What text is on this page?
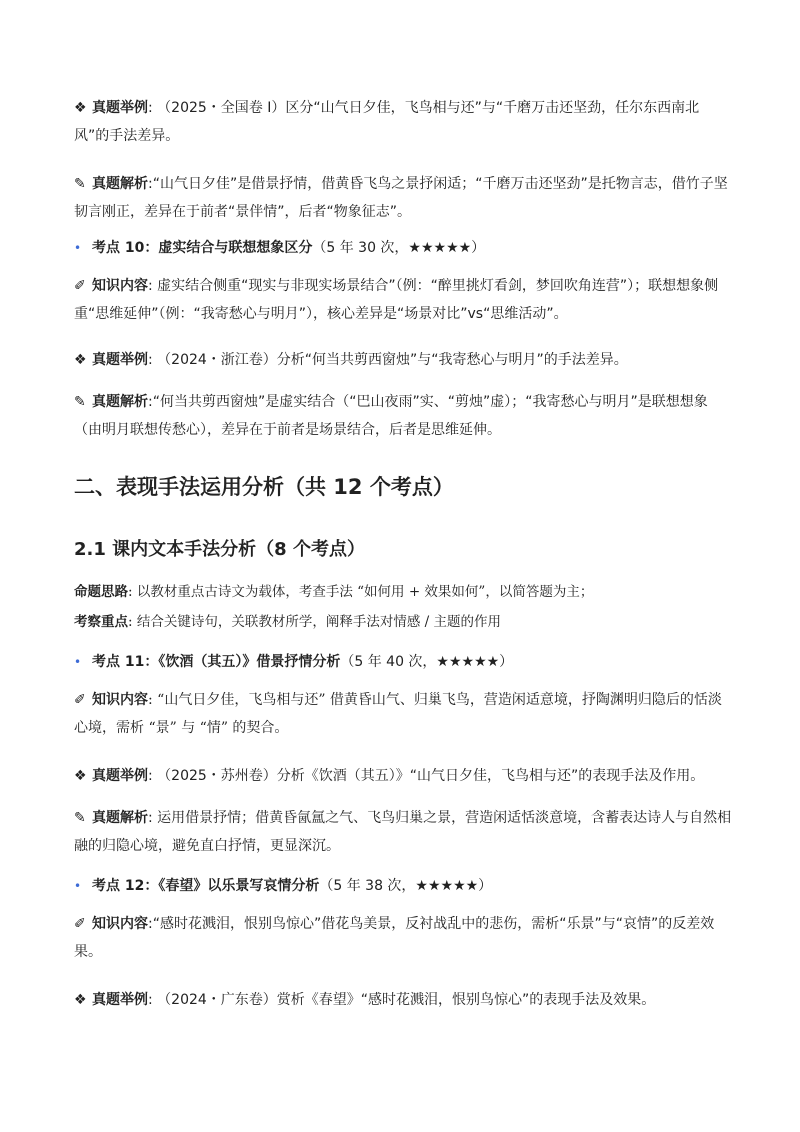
❖ 真题举例: （2025・全国卷 Ⅰ）区分“山气日夕佳，飞鸟相与还”与“千磨万击还坚劲，任尔东西南北风”的手法差异。
✎ 真题解析:“山气日夕佳”是借景抒情，借黄昏飞鸟之景抒闲适；“千磨万击还坚劲”是托物言志，借竹子坚韧言刚正，差异在于前者“景伴情”，后者“物象征志”。
• 考点 10：虚实结合与联想想象区分（5 年 30 次，★★★★★）
✐ 知识内容: 虚实结合侧重“现实与非现实场景结合”（例：“醉里挑灯看剑，梦回吹角连营”）；联想想象侧重“思维延伸”（例：“我寄愁心与明月”），核心差异是“场景对比”vs“思维活动”。
❖ 真题举例: （2024・浙江卷）分析“何当共剪西窗烛”与“我寄愁心与明月”的手法差异。
✎ 真题解析:“何当共剪西窗烛”是虚实结合（“巴山夜雨”实、“剪烛”虚）；“我寄愁心与明月”是联想想象（由明月联想传愁心），差异在于前者是场景结合，后者是思维延伸。
二、表现手法运用分析（共 12 个考点）
2.1 课内文本手法分析（8 个考点）
命题思路: 以教材重点古诗文为载体，考查手法 “如何用 + 效果如何”，以简答题为主；
考察重点: 结合关键诗句，关联教材所学，阐释手法对情感 / 主题的作用
• 考点 11：《饮酒（其五）》借景抒情分析（5 年 40 次，★★★★★）
✐ 知识内容: “山气日夕佳，飞鸟相与还” 借黄昏山气、归巢飞鸟，营造闲适意境，抒陶渊明归隐后的恬淡心境，需析 “景” 与 “情” 的契合。
❖ 真题举例: （2025・苏州卷）分析《饮酒（其五）》“山气日夕佳，飞鸟相与还”的表现手法及作用。
✎ 真题解析: 运用借景抒情；借黄昏氤氲之气、飞鸟归巢之景，营造闲适恬淡意境，含蓄表达诗人与自然相融的归隐心境，避免直白抒情，更显深沉。
• 考点 12：《春望》以乐景写哀情分析（5 年 38 次，★★★★★）
✐ 知识内容:“感时花溅泪，恨别鸟惊心”借花鸟美景，反衬战乱中的悲伤，需析“乐景”与“哀情”的反差效果。
❖ 真题举例: （2024・广东卷）赏析《春望》“感时花溅泪，恨别鸟惊心”的表现手法及效果。
